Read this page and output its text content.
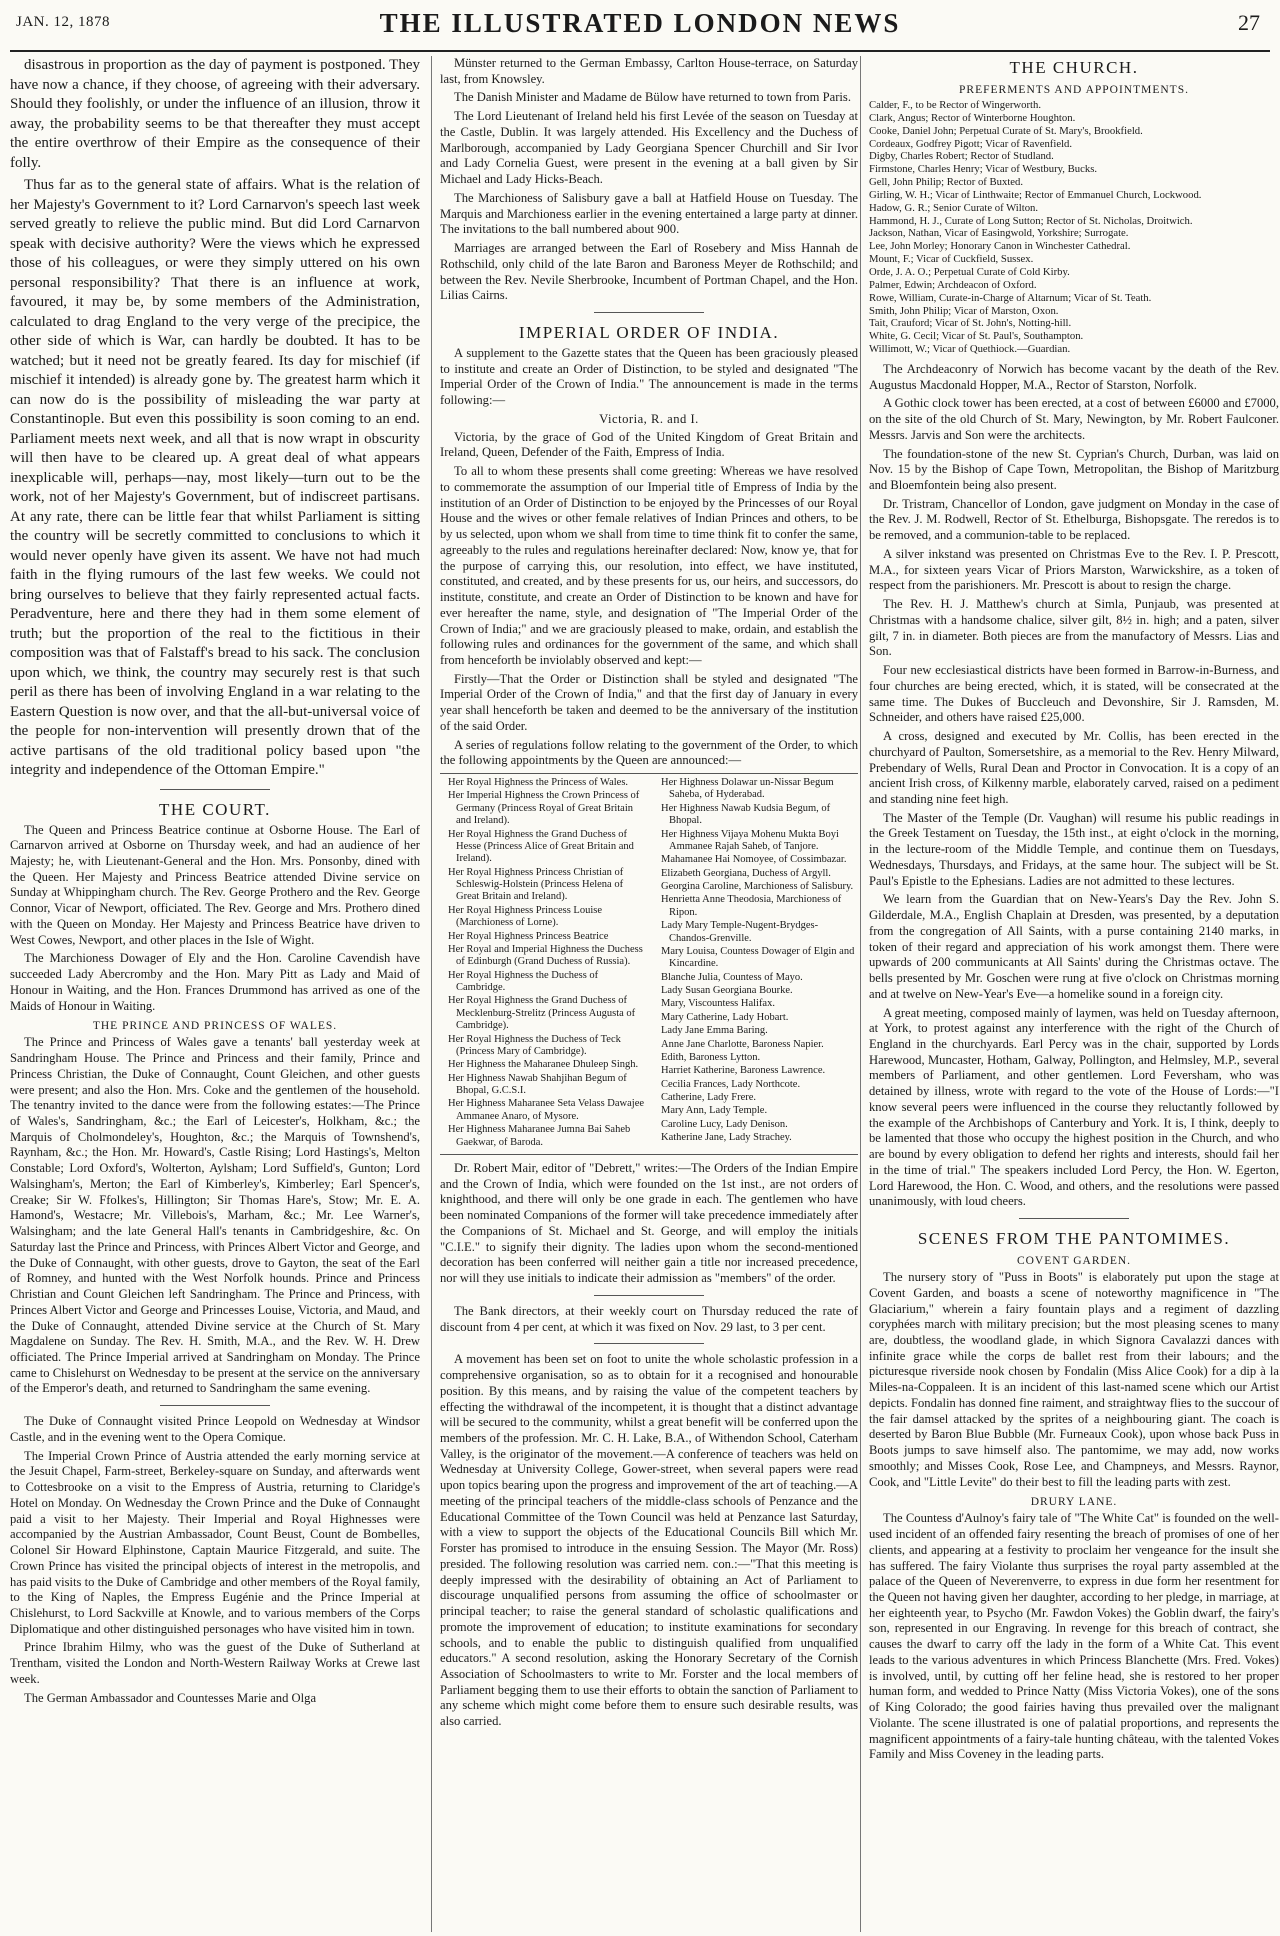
JAN. 12, 1878	THE ILLUSTRATED LONDON NEWS	27

disastrous in proportion as the day of payment is postponed. They have now a chance, if they choose, of agreeing with their adversary. Should they foolishly, or under the influence of an illusion, throw it away, the probability seems to be that thereafter they must accept the entire overthrow of their Empire as the consequence of their folly.

Thus far as to the general state of affairs. What is the relation of her Majesty's Government to it? Lord Carnarvon's speech last week served greatly to relieve the public mind. But did Lord Carnarvon speak with decisive authority? Were the views which he expressed those of his colleagues, or were they simply uttered on his own personal responsibility? That there is an influence at work, favoured, it may be, by some members of the Administration, calculated to drag England to the very verge of the precipice, the other side of which is War, can hardly be doubted. It has to be watched; but it need not be greatly feared. Its day for mischief (if mischief it intended) is already gone by. The greatest harm which it can now do is the possibility of misleading the war party at Constantinople. But even this possibility is soon coming to an end. Parliament meets next week, and all that is now wrapt in obscurity will then have to be cleared up. A great deal of what appears inexplicable will, perhaps—nay, most likely—turn out to be the work, not of her Majesty's Government, but of indiscreet partisans. At any rate, there can be little fear that whilst Parliament is sitting the country will be secretly committed to conclusions to which it would never openly have given its assent. We have not had much faith in the flying rumours of the last few weeks. We could not bring ourselves to believe that they fairly represented actual facts. Peradventure, here and there they had in them some element of truth; but the proportion of the real to the fictitious in their composition was that of Falstaff's bread to his sack. The conclusion upon which, we think, the country may securely rest is that such peril as there has been of involving England in a war relating to the Eastern Question is now over, and that the all-but-universal voice of the people for non-intervention will presently drown that of the active partisans of the old traditional policy based upon "the integrity and independence of the Ottoman Empire."

THE COURT.

The Queen and Princess Beatrice continue at Osborne House. The Earl of Carnarvon arrived at Osborne on Thursday week, and had an audience of her Majesty; he, with Lieutenant-General and the Hon. Mrs. Ponsonby, dined with the Queen. Her Majesty and Princess Beatrice attended Divine service on Sunday at Whippingham church. The Rev. George Prothero and the Rev. George Connor, Vicar of Newport, officiated. The Rev. George and Mrs. Prothero dined with the Queen on Monday. Her Majesty and Princess Beatrice have driven to West Cowes, Newport, and other places in the Isle of Wight.

The Marchioness Dowager of Ely and the Hon. Caroline Cavendish have succeeded Lady Abercromby and the Hon. Mary Pitt as Lady and Maid of Honour in Waiting, and the Hon. Frances Drummond has arrived as one of the Maids of Honour in Waiting.

THE PRINCE AND PRINCESS OF WALES.

The Prince and Princess of Wales gave a tenants' ball yesterday week at Sandringham House. The Prince and Princess and their family, Prince and Princess Christian, the Duke of Connaught, Count Gleichen, and other guests were present; and also the Hon. Mrs. Coke and the gentlemen of the household. The tenantry invited to the dance were from the following estates:—The Prince of Wales's, Sandringham, &c.; the Earl of Leicester's, Holkham, &c.; the Marquis of Cholmondeley's, Houghton, &c.; the Marquis of Townshend's, Raynham, &c.; the Hon. Mr. Howard's, Castle Rising; Lord Hastings's, Melton Constable; Lord Oxford's, Wolterton, Aylsham; Lord Suffield's, Gunton; Lord Walsingham's, Merton; the Earl of Kimberley's, Kimberley; Earl Spencer's, Creake; Sir W. Ffolkes's, Hillington; Sir Thomas Hare's, Stow; Mr. E. A. Hamond's, Westacre; Mr. Villebois's, Marham, &c.; Mr. Lee Warner's, Walsingham; and the late General Hall's tenants in Cambridgeshire, &c. On Saturday last the Prince and Princess, with Princes Albert Victor and George, and the Duke of Connaught, with other guests, drove to Gayton, the seat of the Earl of Romney, and hunted with the West Norfolk hounds. Prince and Princess Christian and Count Gleichen left Sandringham. The Prince and Princess, with Princes Albert Victor and George and Princesses Louise, Victoria, and Maud, and the Duke of Connaught, attended Divine service at the Church of St. Mary Magdalene on Sunday. The Rev. H. Smith, M.A., and the Rev. W. H. Drew officiated. The Prince Imperial arrived at Sandringham on Monday. The Prince came to Chislehurst on Wednesday to be present at the service on the anniversary of the Emperor's death, and returned to Sandringham the same evening.

The Duke of Connaught visited Prince Leopold on Wednesday at Windsor Castle, and in the evening went to the Opera Comique.

The Imperial Crown Prince of Austria attended the early morning service at the Jesuit Chapel, Farm-street, Berkeley-square on Sunday, and afterwards went to Cottesbrooke on a visit to the Empress of Austria, returning to Claridge's Hotel on Monday. On Wednesday the Crown Prince and the Duke of Connaught paid a visit to her Majesty. Their Imperial and Royal Highnesses were accompanied by the Austrian Ambassador, Count Beust, Count de Bombelles, Colonel Sir Howard Elphinstone, Captain Maurice Fitzgerald, and suite. The Crown Prince has visited the principal objects of interest in the metropolis, and has paid visits to the Duke of Cambridge and other members of the Royal family, to the King of Naples, the Empress Eugénie and the Prince Imperial at Chislehurst, to Lord Sackville at Knowle, and to various members of the Corps Diplomatique and other distinguished personages who have visited him in town.

Prince Ibrahim Hilmy, who was the guest of the Duke of Sutherland at Trentham, visited the London and North-Western Railway Works at Crewe last week.

The German Ambassador and Countesses Marie and Olga

Münster returned to the German Embassy, Carlton House-terrace, on Saturday last, from Knowsley.

The Danish Minister and Madame de Bülow have returned to town from Paris.

The Lord Lieutenant of Ireland held his first Levée of the season on Tuesday at the Castle, Dublin. It was largely attended. His Excellency and the Duchess of Marlborough, accompanied by Lady Georgiana Spencer Churchill and Sir Ivor and Lady Cornelia Guest, were present in the evening at a ball given by Sir Michael and Lady Hicks-Beach.

The Marchioness of Salisbury gave a ball at Hatfield House on Tuesday. The Marquis and Marchioness earlier in the evening entertained a large party at dinner. The invitations to the ball numbered about 900.

Marriages are arranged between the Earl of Rosebery and Miss Hannah de Rothschild, only child of the late Baron and Baroness Meyer de Rothschild; and between the Rev. Nevile Sherbrooke, Incumbent of Portman Chapel, and the Hon. Lilias Cairns.

IMPERIAL ORDER OF INDIA.

A supplement to the Gazette states that the Queen has been graciously pleased to institute and create an Order of Distinction, to be styled and designated "The Imperial Order of the Crown of India." The announcement is made in the terms following:—

Victoria, R. and I.

Victoria, by the grace of God of the United Kingdom of Great Britain and Ireland, Queen, Defender of the Faith, Empress of India.

To all to whom these presents shall come greeting: Whereas we have resolved to commemorate the assumption of our Imperial title of Empress of India by the institution of an Order of Distinction to be enjoyed by the Princesses of our Royal House and the wives or other female relatives of Indian Princes and others, to be by us selected, upon whom we shall from time to time think fit to confer the same, agreeably to the rules and regulations hereinafter declared: Now, know ye, that for the purpose of carrying this, our resolution, into effect, we have instituted, constituted, and created, and by these presents for us, our heirs, and successors, do institute, constitute, and create an Order of Distinction to be known and have for ever hereafter the name, style, and designation of "The Imperial Order of the Crown of India;" and we are graciously pleased to make, ordain, and establish the following rules and ordinances for the government of the same, and which shall from henceforth be inviolably observed and kept:—

Firstly—That the Order or Distinction shall be styled and designated "The Imperial Order of the Crown of India," and that the first day of January in every year shall henceforth be taken and deemed to be the anniversary of the institution of the said Order.

A series of regulations follow relating to the government of the Order, to which the following appointments by the Queen are announced:—

Her Royal Highness the Princess of Wales.
Her Imperial Highness the Crown Princess of Germany (Princess Royal of Great Britain and Ireland).
Her Royal Highness the Grand Duchess of Hesse (Princess Alice of Great Britain and Ireland).
Her Royal Highness Princess Christian of Schleswig-Holstein (Princess Helena of Great Britain and Ireland).
Her Royal Highness Princess Louise (Marchioness of Lorne).
Her Royal Highness Princess Beatrice
Her Royal and Imperial Highness the Duchess of Edinburgh (Grand Duchess of Russia).
Her Royal Highness the Duchess of Cambridge.
Her Royal Highness the Grand Duchess of Mecklenburg-Strelitz (Princess Augusta of Cambridge).
Her Royal Highness the Duchess of Teck (Princess Mary of Cambridge).
Her Highness the Maharanee Dhuleep Singh.
Her Highness Nawab Shahjihan Begum of Bhopal, G.C.S.I.
Her Highness Maharanee Seta Velass Dawajee Ammanee Anaro, of Mysore.
Her Highness Maharanee Jumna Bai Saheb Gaekwar, of Baroda.
Her Highness Dolawar un-Nissar Begum Saheba, of Hyderabad.
Her Highness Nawab Kudsia Begum, of Bhopal.
Her Highness Vijaya Mohenu Mukta Boyi Ammanee Rajah Saheb, of Tanjore.
Mahamanee Hai Nomoyee, of Cossimbazar.
Elizabeth Georgiana, Duchess of Argyll.
Georgina Caroline, Marchioness of Salisbury.
Henrietta Anne Theodosia, Marchioness of Ripon.
Lady Mary Temple-Nugent-Brydges-Chandos-Grenville.
Mary Louisa, Countess Dowager of Elgin and Kincardine.
Blanche Julia, Countess of Mayo.
Lady Susan Georgiana Bourke.
Mary, Viscountess Halifax.
Mary Catherine, Lady Hobart.
Lady Jane Emma Baring.
Anne Jane Charlotte, Baroness Napier.
Edith, Baroness Lytton.
Harriet Katherine, Baroness Lawrence.
Cecilia Frances, Lady Northcote.
Catherine, Lady Frere.
Mary Ann, Lady Temple.
Caroline Lucy, Lady Denison.
Katherine Jane, Lady Strachey.

Dr. Robert Mair, editor of "Debrett," writes:—The Orders of the Indian Empire and the Crown of India, which were founded on the 1st inst., are not orders of knighthood, and there will only be one grade in each. The gentlemen who have been nominated Companions of the former will take precedence immediately after the Companions of St. Michael and St. George, and will employ the initials "C.I.E." to signify their dignity. The ladies upon whom the second-mentioned decoration has been conferred will neither gain a title nor increased precedence, nor will they use initials to indicate their admission as "members" of the order.

The Bank directors, at their weekly court on Thursday reduced the rate of discount from 4 per cent, at which it was fixed on Nov. 29 last, to 3 per cent.

A movement has been set on foot to unite the whole scholastic profession in a comprehensive organisation, so as to obtain for it a recognised and honourable position. By this means, and by raising the value of the competent teachers by effecting the withdrawal of the incompetent, it is thought that a distinct advantage will be secured to the community, whilst a great benefit will be conferred upon the members of the profession. Mr. C. H. Lake, B.A., of Withendon School, Caterham Valley, is the originator of the movement.—A conference of teachers was held on Wednesday at University College, Gower-street, when several papers were read upon topics bearing upon the progress and improvement of the art of teaching.—A meeting of the principal teachers of the middle-class schools of Penzance and the Educational Committee of the Town Council was held at Penzance last Saturday, with a view to support the objects of the Educational Councils Bill which Mr. Forster has promised to introduce in the ensuing Session. The Mayor (Mr. Ross) presided. The following resolution was carried nem. con.:—"That this meeting is deeply impressed with the desirability of obtaining an Act of Parliament to discourage unqualified persons from assuming the office of schoolmaster or principal teacher; to raise the general standard of scholastic qualifications and promote the improvement of education; to institute examinations for secondary schools, and to enable the public to distinguish qualified from unqualified educators." A second resolution, asking the Honorary Secretary of the Cornish Association of Schoolmasters to write to Mr. Forster and the local members of Parliament begging them to use their efforts to obtain the sanction of Parliament to any scheme which might come before them to ensure such desirable results, was also carried.

THE CHURCH.
PREFERMENTS AND APPOINTMENTS.
Calder, F., to be Rector of Wingerworth.
Clark, Angus; Rector of Winterborne Houghton.
Cooke, Daniel John; Perpetual Curate of St. Mary's, Brookfield.
Cordeaux, Godfrey Pigott; Vicar of Ravenfield.
Digby, Charles Robert; Rector of Studland.
Firmstone, Charles Henry; Vicar of Westbury, Bucks.
Gell, John Philip; Rector of Buxted.
Girling, W. H.; Vicar of Linthwaite; Rector of Emmanuel Church, Lockwood.
Hadow, G. R.; Senior Curate of Wilton.
Hammond, H. J., Curate of Long Sutton; Rector of St. Nicholas, Droitwich.
Jackson, Nathan, Vicar of Easingwold, Yorkshire; Surrogate.
Lee, John Morley; Honorary Canon in Winchester Cathedral.
Mount, F.; Vicar of Cuckfield, Sussex.
Orde, J. A. O.; Perpetual Curate of Cold Kirby.
Palmer, Edwin; Archdeacon of Oxford.
Rowe, William, Curate-in-Charge of Altarnum; Vicar of St. Teath.
Smith, John Philip; Vicar of Marston, Oxon.
Tait, Crauford; Vicar of St. John's, Notting-hill.
White, G. Cecil; Vicar of St. Paul's, Southampton.
Willimott, W.; Vicar of Quethiock.—Guardian.

The Archdeaconry of Norwich has become vacant by the death of the Rev. Augustus Macdonald Hopper, M.A., Rector of Starston, Norfolk.

A Gothic clock tower has been erected, at a cost of between £6000 and £7000, on the site of the old Church of St. Mary, Newington, by Mr. Robert Faulconer. Messrs. Jarvis and Son were the architects.

The foundation-stone of the new St. Cyprian's Church, Durban, was laid on Nov. 15 by the Bishop of Cape Town, Metropolitan, the Bishop of Maritzburg and Bloemfontein being also present.

Dr. Tristram, Chancellor of London, gave judgment on Monday in the case of the Rev. J. M. Rodwell, Rector of St. Ethelburga, Bishopsgate. The reredos is to be removed, and a communion-table to be replaced.

A silver inkstand was presented on Christmas Eve to the Rev. I. P. Prescott, M.A., for sixteen years Vicar of Priors Marston, Warwickshire, as a token of respect from the parishioners. Mr. Prescott is about to resign the charge.

The Rev. H. J. Matthew's church at Simla, Punjaub, was presented at Christmas with a handsome chalice, silver gilt, 8½ in. high; and a paten, silver gilt, 7 in. in diameter. Both pieces are from the manufactory of Messrs. Lias and Son.

Four new ecclesiastical districts have been formed in Barrow-in-Burness, and four churches are being erected, which, it is stated, will be consecrated at the same time. The Dukes of Buccleuch and Devonshire, Sir J. Ramsden, M. Schneider, and others have raised £25,000.

A cross, designed and executed by Mr. Collis, has been erected in the churchyard of Paulton, Somersetshire, as a memorial to the Rev. Henry Milward, Prebendary of Wells, Rural Dean and Proctor in Convocation. It is a copy of an ancient Irish cross, of Kilkenny marble, elaborately carved, raised on a pediment and standing nine feet high.

The Master of the Temple (Dr. Vaughan) will resume his public readings in the Greek Testament on Tuesday, the 15th inst., at eight o'clock in the morning, in the lecture-room of the Middle Temple, and continue them on Tuesdays, Wednesdays, Thursdays, and Fridays, at the same hour. The subject will be St. Paul's Epistle to the Ephesians. Ladies are not admitted to these lectures.

We learn from the Guardian that on New-Years's Day the Rev. John S. Gilderdale, M.A., English Chaplain at Dresden, was presented, by a deputation from the congregation of All Saints, with a purse containing 2140 marks, in token of their regard and appreciation of his work amongst them. There were upwards of 200 communicants at All Saints' during the Christmas octave. The bells presented by Mr. Goschen were rung at five o'clock on Christmas morning and at twelve on New-Year's Eve—a homelike sound in a foreign city.

A great meeting, composed mainly of laymen, was held on Tuesday afternoon, at York, to protest against any interference with the right of the Church of England in the churchyards. Earl Percy was in the chair, supported by Lords Harewood, Muncaster, Hotham, Galway, Pollington, and Helmsley, M.P., several members of Parliament, and other gentlemen. Lord Feversham, who was detained by illness, wrote with regard to the vote of the House of Lords:—"I know several peers were influenced in the course they reluctantly followed by the example of the Archbishops of Canterbury and York. It is, I think, deeply to be lamented that those who occupy the highest position in the Church, and who are bound by every obligation to defend her rights and interests, should fail her in the time of trial." The speakers included Lord Percy, the Hon. W. Egerton, Lord Harewood, the Hon. C. Wood, and others, and the resolutions were passed unanimously, with loud cheers.

SCENES FROM THE PANTOMIMES.
COVENT GARDEN.

The nursery story of "Puss in Boots" is elaborately put upon the stage at Covent Garden, and boasts a scene of noteworthy magnificence in "The Glaciarium," wherein a fairy fountain plays and a regiment of dazzling coryphées march with military precision; but the most pleasing scenes to many are, doubtless, the woodland glade, in which Signora Cavalazzi dances with infinite grace while the corps de ballet rest from their labours; and the picturesque riverside nook chosen by Fondalin (Miss Alice Cook) for a dip à la Miles-na-Coppaleen. It is an incident of this last-named scene which our Artist depicts. Fondalin has donned fine raiment, and straightway flies to the succour of the fair damsel attacked by the sprites of a neighbouring giant. The coach is deserted by Baron Blue Bubble (Mr. Furneaux Cook), upon whose back Puss in Boots jumps to save himself also. The pantomime, we may add, now works smoothly; and Misses Cook, Rose Lee, and Champneys, and Messrs. Raynor, Cook, and "Little Levite" do their best to fill the leading parts with zest.

DRURY LANE.

The Countess d'Aulnoy's fairy tale of "The White Cat" is founded on the well-used incident of an offended fairy resenting the breach of promises of one of her clients, and appearing at a festivity to proclaim her vengeance for the insult she has suffered. The fairy Violante thus surprises the royal party assembled at the palace of the Queen of Neverenverre, to express in due form her resentment for the Queen not having given her daughter, according to her pledge, in marriage, at her eighteenth year, to Psycho (Mr. Fawdon Vokes) the Goblin dwarf, the fairy's son, represented in our Engraving. In revenge for this breach of contract, she causes the dwarf to carry off the lady in the form of a White Cat. This event leads to the various adventures in which Princess Blanchette (Mrs. Fred. Vokes) is involved, until, by cutting off her feline head, she is restored to her proper human form, and wedded to Prince Natty (Miss Victoria Vokes), one of the sons of King Colorado; the good fairies having thus prevailed over the malignant Violante. The scene illustrated is one of palatial proportions, and represents the magnificent appointments of a fairy-tale hunting château, with the talented Vokes Family and Miss Coveney in the leading parts.
